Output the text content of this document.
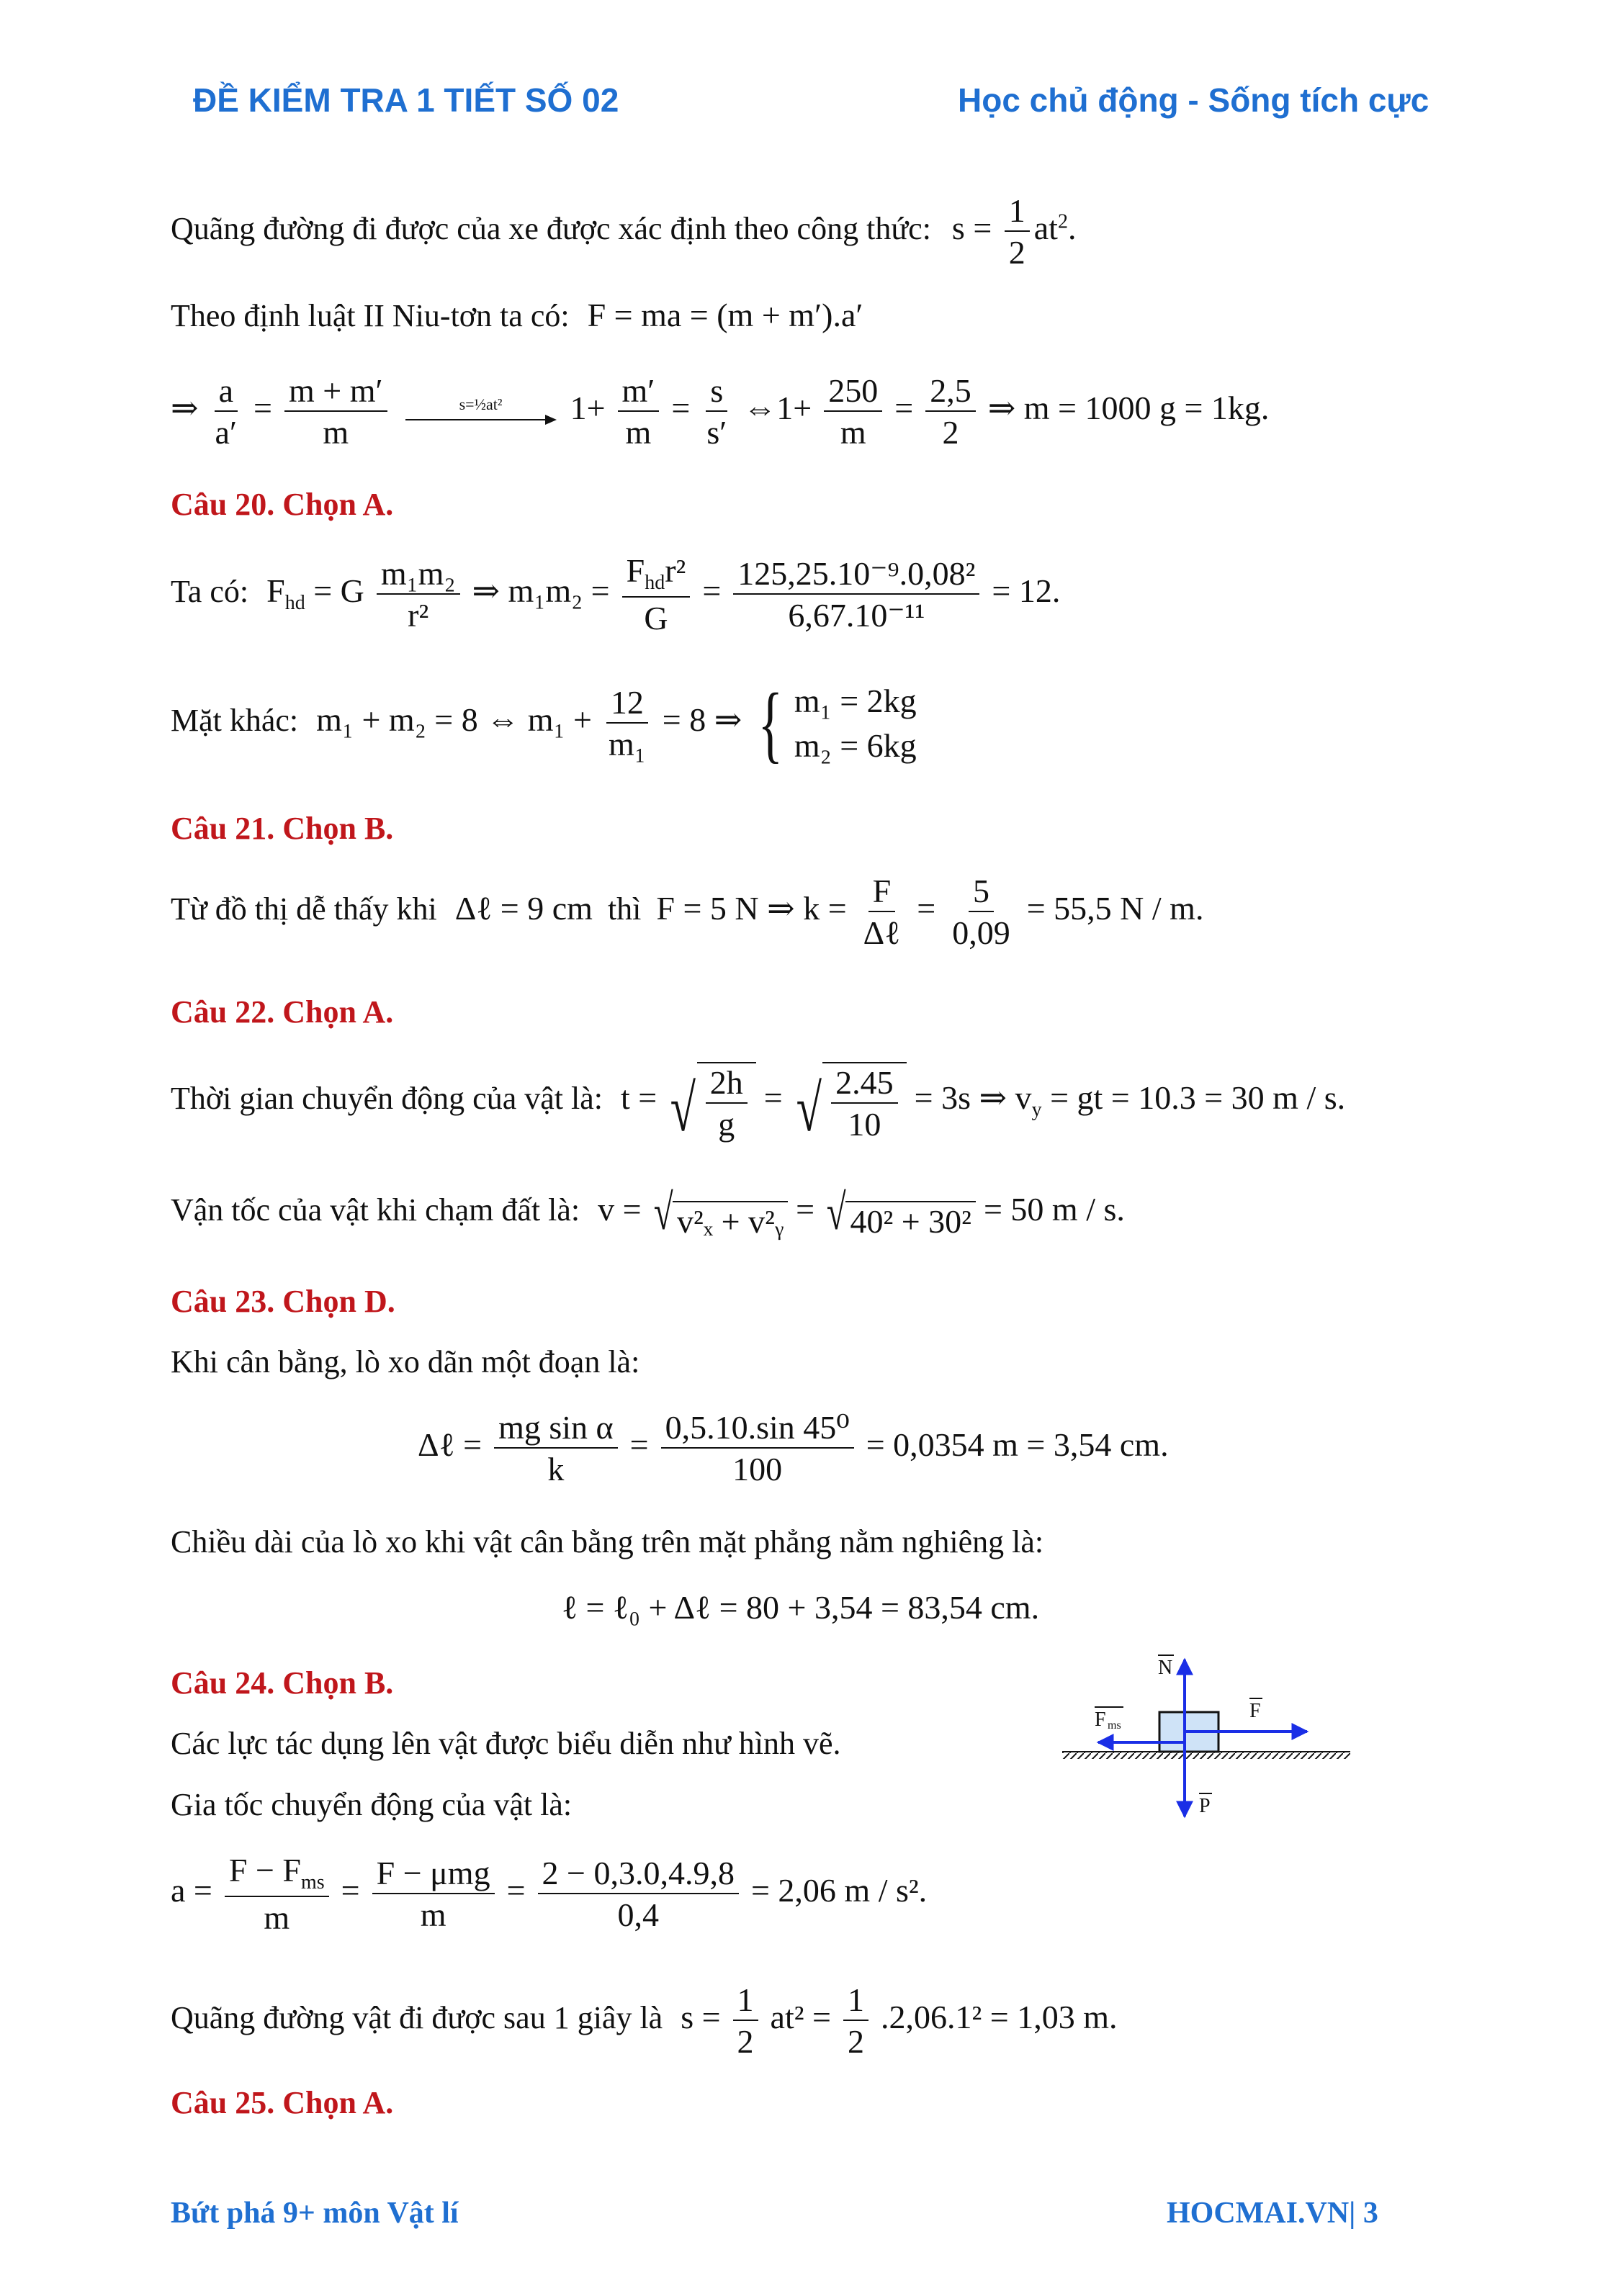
ĐỀ KIỂM TRA 1 TIẾT SỐ 02	Học chủ động - Sống tích cực
Quãng đường đi được của xe được xác định theo công thức: $s = \frac{1}{2} at^2$.
Theo định luật II Niu-tơn ta có: F = ma = (m + m′).a′
⇒ $\frac{a}{a'} = \frac{m + m'}{m}$
	s=½at² $1+ \frac{m'}{m} = \frac{s}{s'}$ ⇔1+ $\frac{250}{m} = \frac{2,5}{2}$ ⇒ m = 1000 g = 1kg.
Câu 20. Chọn A.
Ta có: $F_{hd} = G \frac{\text{m₁m₂}}{\text{r²}}$ ⇒ $m_1m_2 = \frac{F_{hd}r^2}{G} = \frac{\text{125,25.10⁻⁹.0,08²}}{\text{6,67.10⁻¹¹}} = 12$.
Mặt khác: m₁ + m₂ = 8 ⇔ $m_1 + \frac{12}{\text{m₁}} = 8$ ⇒ { m₁ = 2kg
m₂ = 6kg
Câu 21. Chọn B.
Từ đồ thị dễ thấy khi Δℓ = 9 cm thì F = 5 N ⇒ $k = \frac{F}{\text{Δℓ}} = \frac{5}{0,09} = 55,5$ N / m.
Câu 22. Chọn A.
Thời gian chuyển động của vật là: t = √ $\frac{2h}{g}$ = √ $\frac{2.45}{10} = 3s$ ⇒ $v_y$ = gt = 10.3 = 30 m / s.
Vận tốc của vật khi chạm đất là: v = √ v²ₓ + v²ᵧ = √ 40² + 30² = 50 m / s.
Câu 23. Chọn D.
Khi cân bằng, lò xo dãn một đoạn là:
Δℓ = $\frac{\text{mg sin α}}{k} = \frac{\text{0,5.10.sin 45⁰}}{100} = 0,0354$ m = 3,54 cm.
Chiều dài của lò xo khi vật cân bằng trên mặt phẳng nằm nghiêng là:
ℓ = ℓ₀ + Δℓ = 80 + 3,54 = 83,54 cm.
Câu 24. Chọn B.
Các lực tác dụng lên vật được biểu diễn như hình vẽ.
Gia tốc chuyển động của vật là:
$a = \frac{F - F_{ms}}{m} = \frac{\text{F − μmg}}{m} = \frac{2 - 0,3.0,4.9,8}{0,4} = 2,06$ m / s².
Quãng đường vật đi được sau 1 giây là $s = \frac{1}{2} at^2 = \frac{1}{2} .2,06.1^2 = 1,03$ m.
N
F
F ms
P
Câu 25. Chọn A.
Bứt phá 9+ môn Vật lí	HOCMAI.VN| 3
